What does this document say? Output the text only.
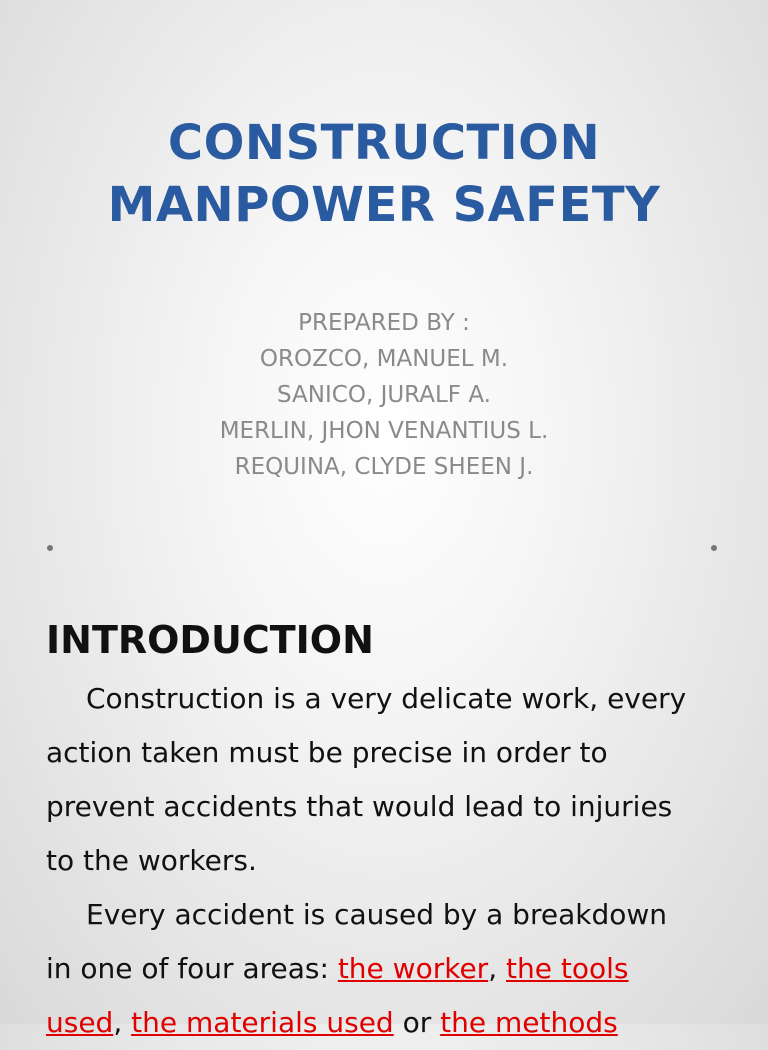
CONSTRUCTION
MANPOWER SAFETY
PREPARED BY :
OROZCO, MANUEL M.
SANICO, JURALF A.
MERLIN, JHON VENANTIUS L.
REQUINA, CLYDE SHEEN J.
INTRODUCTION
Construction is a very delicate work, every
action taken must be precise in order to
prevent accidents that would lead to injuries
to the workers.
Every accident is caused by a breakdown
in one of four areas: the worker, the tools
used, the materials used or the methods
